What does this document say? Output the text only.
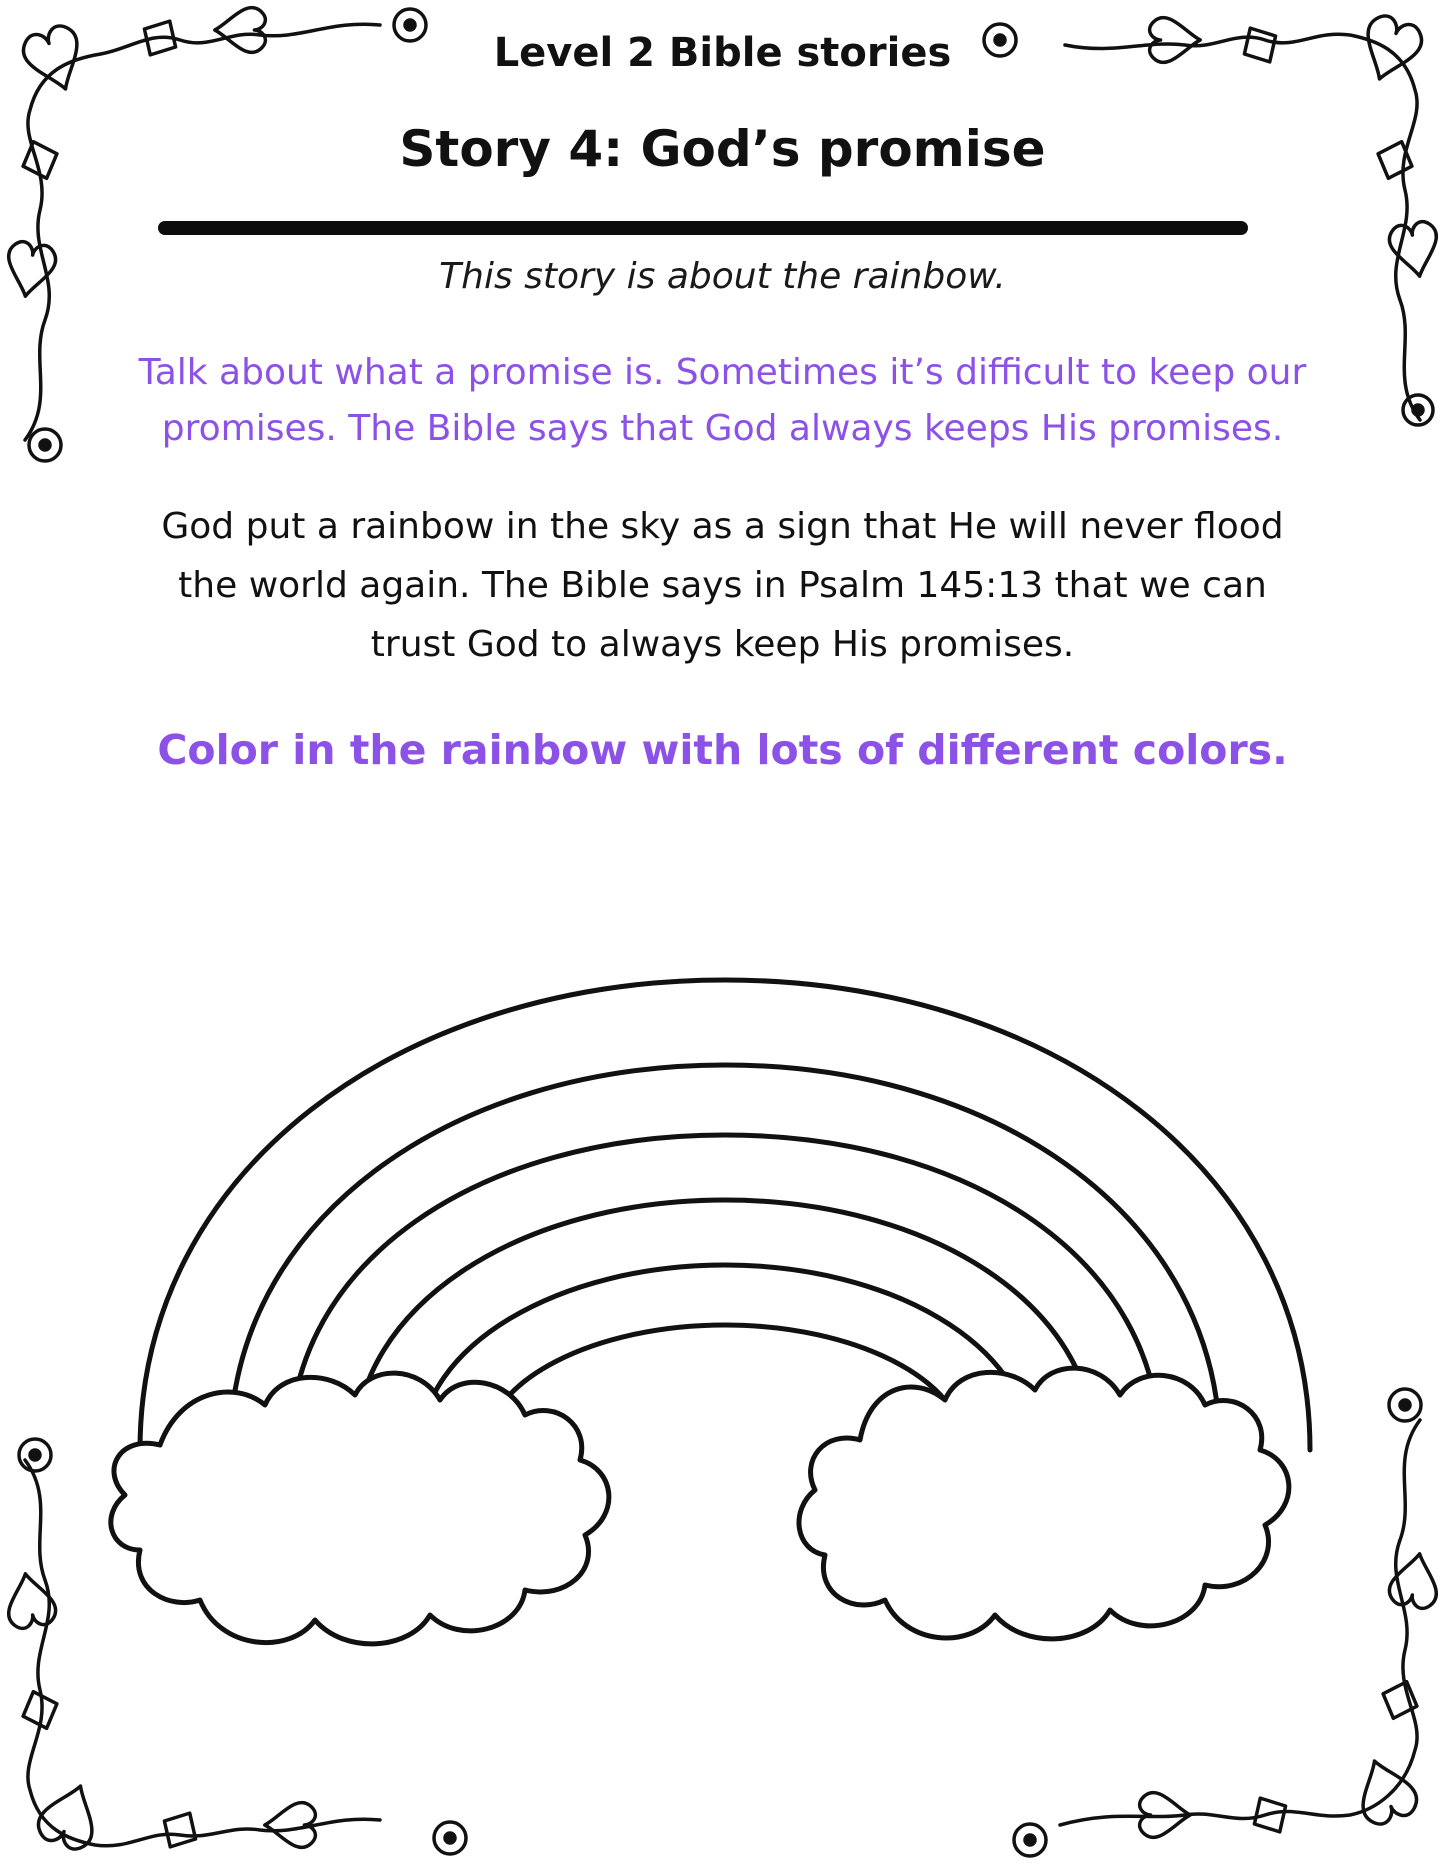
Level 2 Bible stories
Story 4: God’s promise
This story is about the rainbow.
Talk about what a promise is. Sometimes it’s difficult to keep our
promises. The Bible says that God always keeps His promises.
God put a rainbow in the sky as a sign that He will never flood
the world again. The Bible says in Psalm 145:13 that we can
trust God to always keep His promises.
Color in the rainbow with lots of different colors.
